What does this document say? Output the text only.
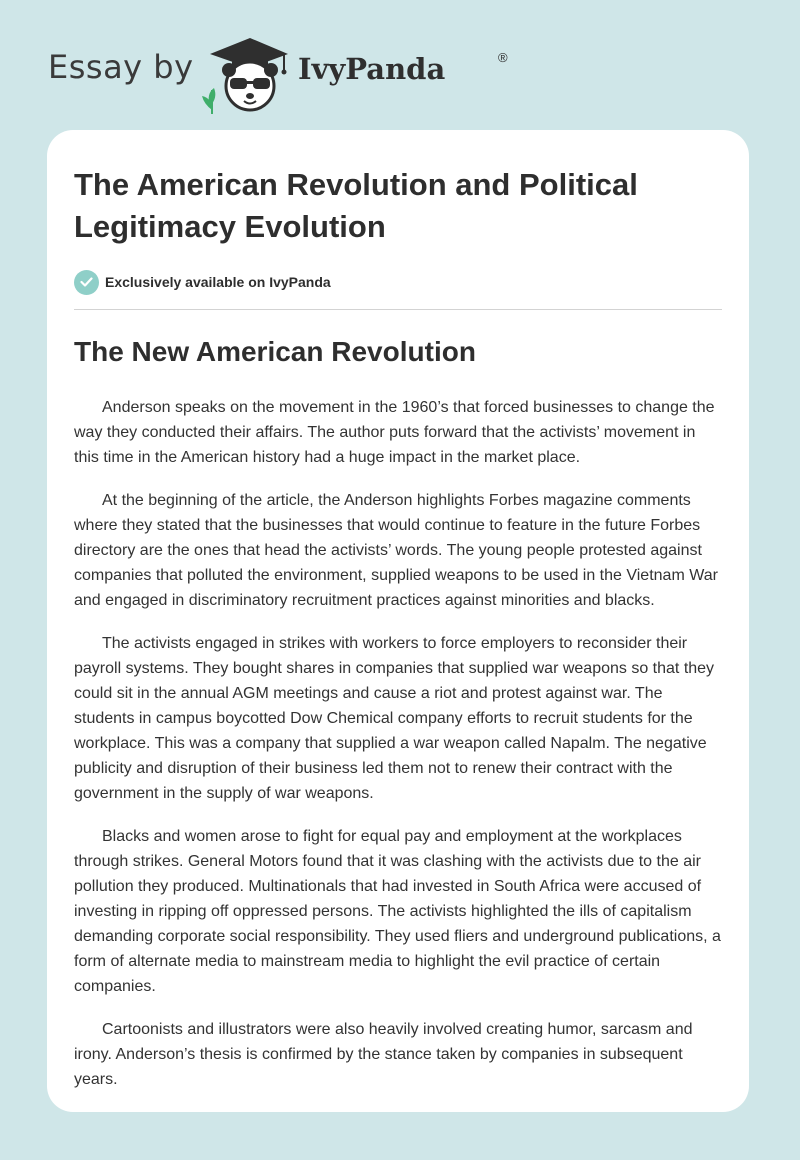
Essay by	IvyPanda	®
The American Revolution and Political Legitimacy Evolution
Exclusively available on IvyPanda
The New American Revolution

Anderson speaks on the movement in the 1960’s that forced businesses to change the way they conducted their affairs. The author puts forward that the activists’ movement in this time in the American history had a huge impact in the market place.

At the beginning of the article, the Anderson highlights Forbes magazine comments where they stated that the businesses that would continue to feature in the future Forbes directory are the ones that head the activists’ words. The young people protested against companies that polluted the environment, supplied weapons to be used in the Vietnam War and engaged in discriminatory recruitment practices against minorities and blacks.

The activists engaged in strikes with workers to force employers to reconsider their payroll systems. They bought shares in companies that supplied war weapons so that they could sit in the annual AGM meetings and cause a riot and protest against war. The students in campus boycotted Dow Chemical company efforts to recruit students for the workplace. This was a company that supplied a war weapon called Napalm. The negative publicity and disruption of their business led them not to renew their contract with the government in the supply of war weapons.

Blacks and women arose to fight for equal pay and employment at the workplaces through strikes. General Motors found that it was clashing with the activists due to the air pollution they produced. Multinationals that had invested in South Africa were accused of investing in ripping off oppressed persons. The activists highlighted the ills of capitalism demanding corporate social responsibility. They used fliers and underground publications, a form of alternate media to mainstream media to highlight the evil practice of certain companies.

Cartoonists and illustrators were also heavily involved creating humor, sarcasm and irony. Anderson’s thesis is confirmed by the stance taken by companies in subsequent years.
